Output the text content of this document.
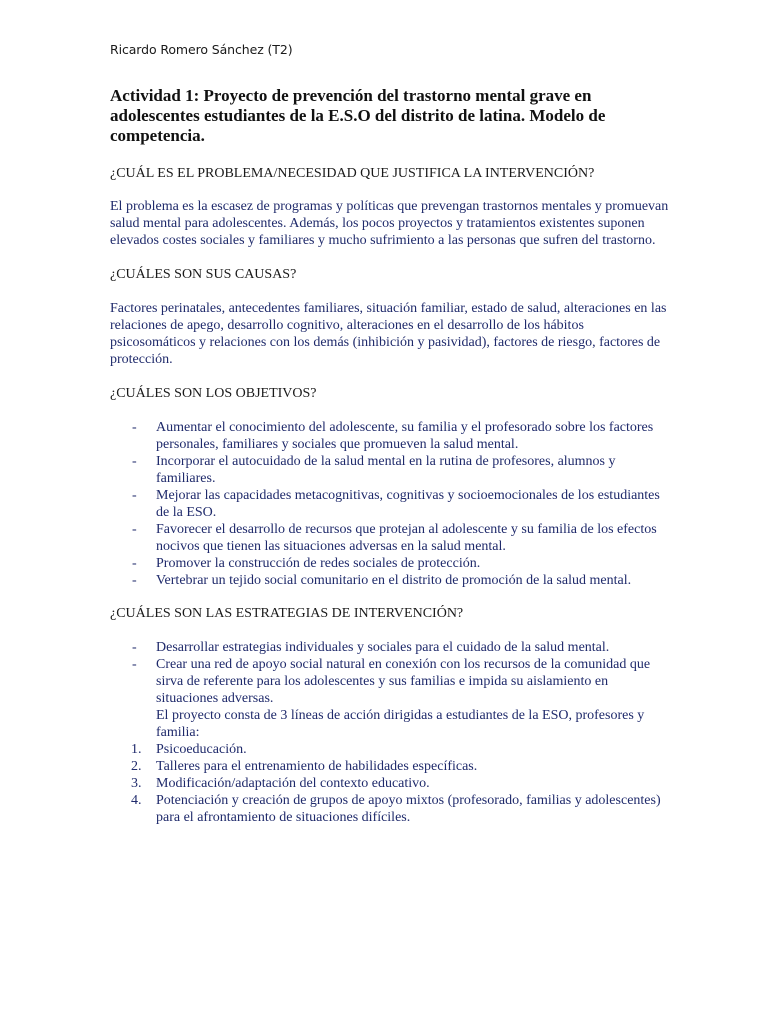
Ricardo Romero Sánchez (T2)
Actividad 1: Proyecto de prevención del trastorno mental grave en adolescentes estudiantes de la E.S.O del distrito de latina. Modelo de competencia.

¿CUÁL ES EL PROBLEMA/NECESIDAD QUE JUSTIFICA LA INTERVENCIÓN?

El problema es la escasez de programas y políticas que prevengan trastornos mentales y promuevan salud mental para adolescentes. Además, los pocos proyectos y tratamientos existentes suponen elevados costes sociales y familiares y mucho sufrimiento a las personas que sufren del trastorno.

¿CUÁLES SON SUS CAUSAS?

Factores perinatales, antecedentes familiares, situación familiar, estado de salud, alteraciones en las relaciones de apego, desarrollo cognitivo, alteraciones en el desarrollo de los hábitos psicosomáticos y relaciones con los demás (inhibición y pasividad), factores de riesgo, factores de protección.

¿CUÁLES SON LOS OBJETIVOS?

- Aumentar el conocimiento del adolescente, su familia y el profesorado sobre los factores personales, familiares y sociales que promueven la salud mental.
- Incorporar el autocuidado de la salud mental en la rutina de profesores, alumnos y familiares.
- Mejorar las capacidades metacognitivas, cognitivas y socioemocionales de los estudiantes de la ESO.
- Favorecer el desarrollo de recursos que protejan al adolescente y su familia de los efectos nocivos que tienen las situaciones adversas en la salud mental.
- Promover la construcción de redes sociales de protección.
- Vertebrar un tejido social comunitario en el distrito de promoción de la salud mental.

¿CUÁLES SON LAS ESTRATEGIAS DE INTERVENCIÓN?

- Desarrollar estrategias individuales y sociales para el cuidado de la salud mental.
- Crear una red de apoyo social natural en conexión con los recursos de la comunidad que sirva de referente para los adolescentes y sus familias e impida su aislamiento en situaciones adversas.

El proyecto consta de 3 líneas de acción dirigidas a estudiantes de la ESO, profesores y familia:

1. Psicoeducación.
2. Talleres para el entrenamiento de habilidades específicas.
3. Modificación/adaptación del contexto educativo.
4. Potenciación y creación de grupos de apoyo mixtos (profesorado, familias y adolescentes) para el afrontamiento de situaciones difíciles.
